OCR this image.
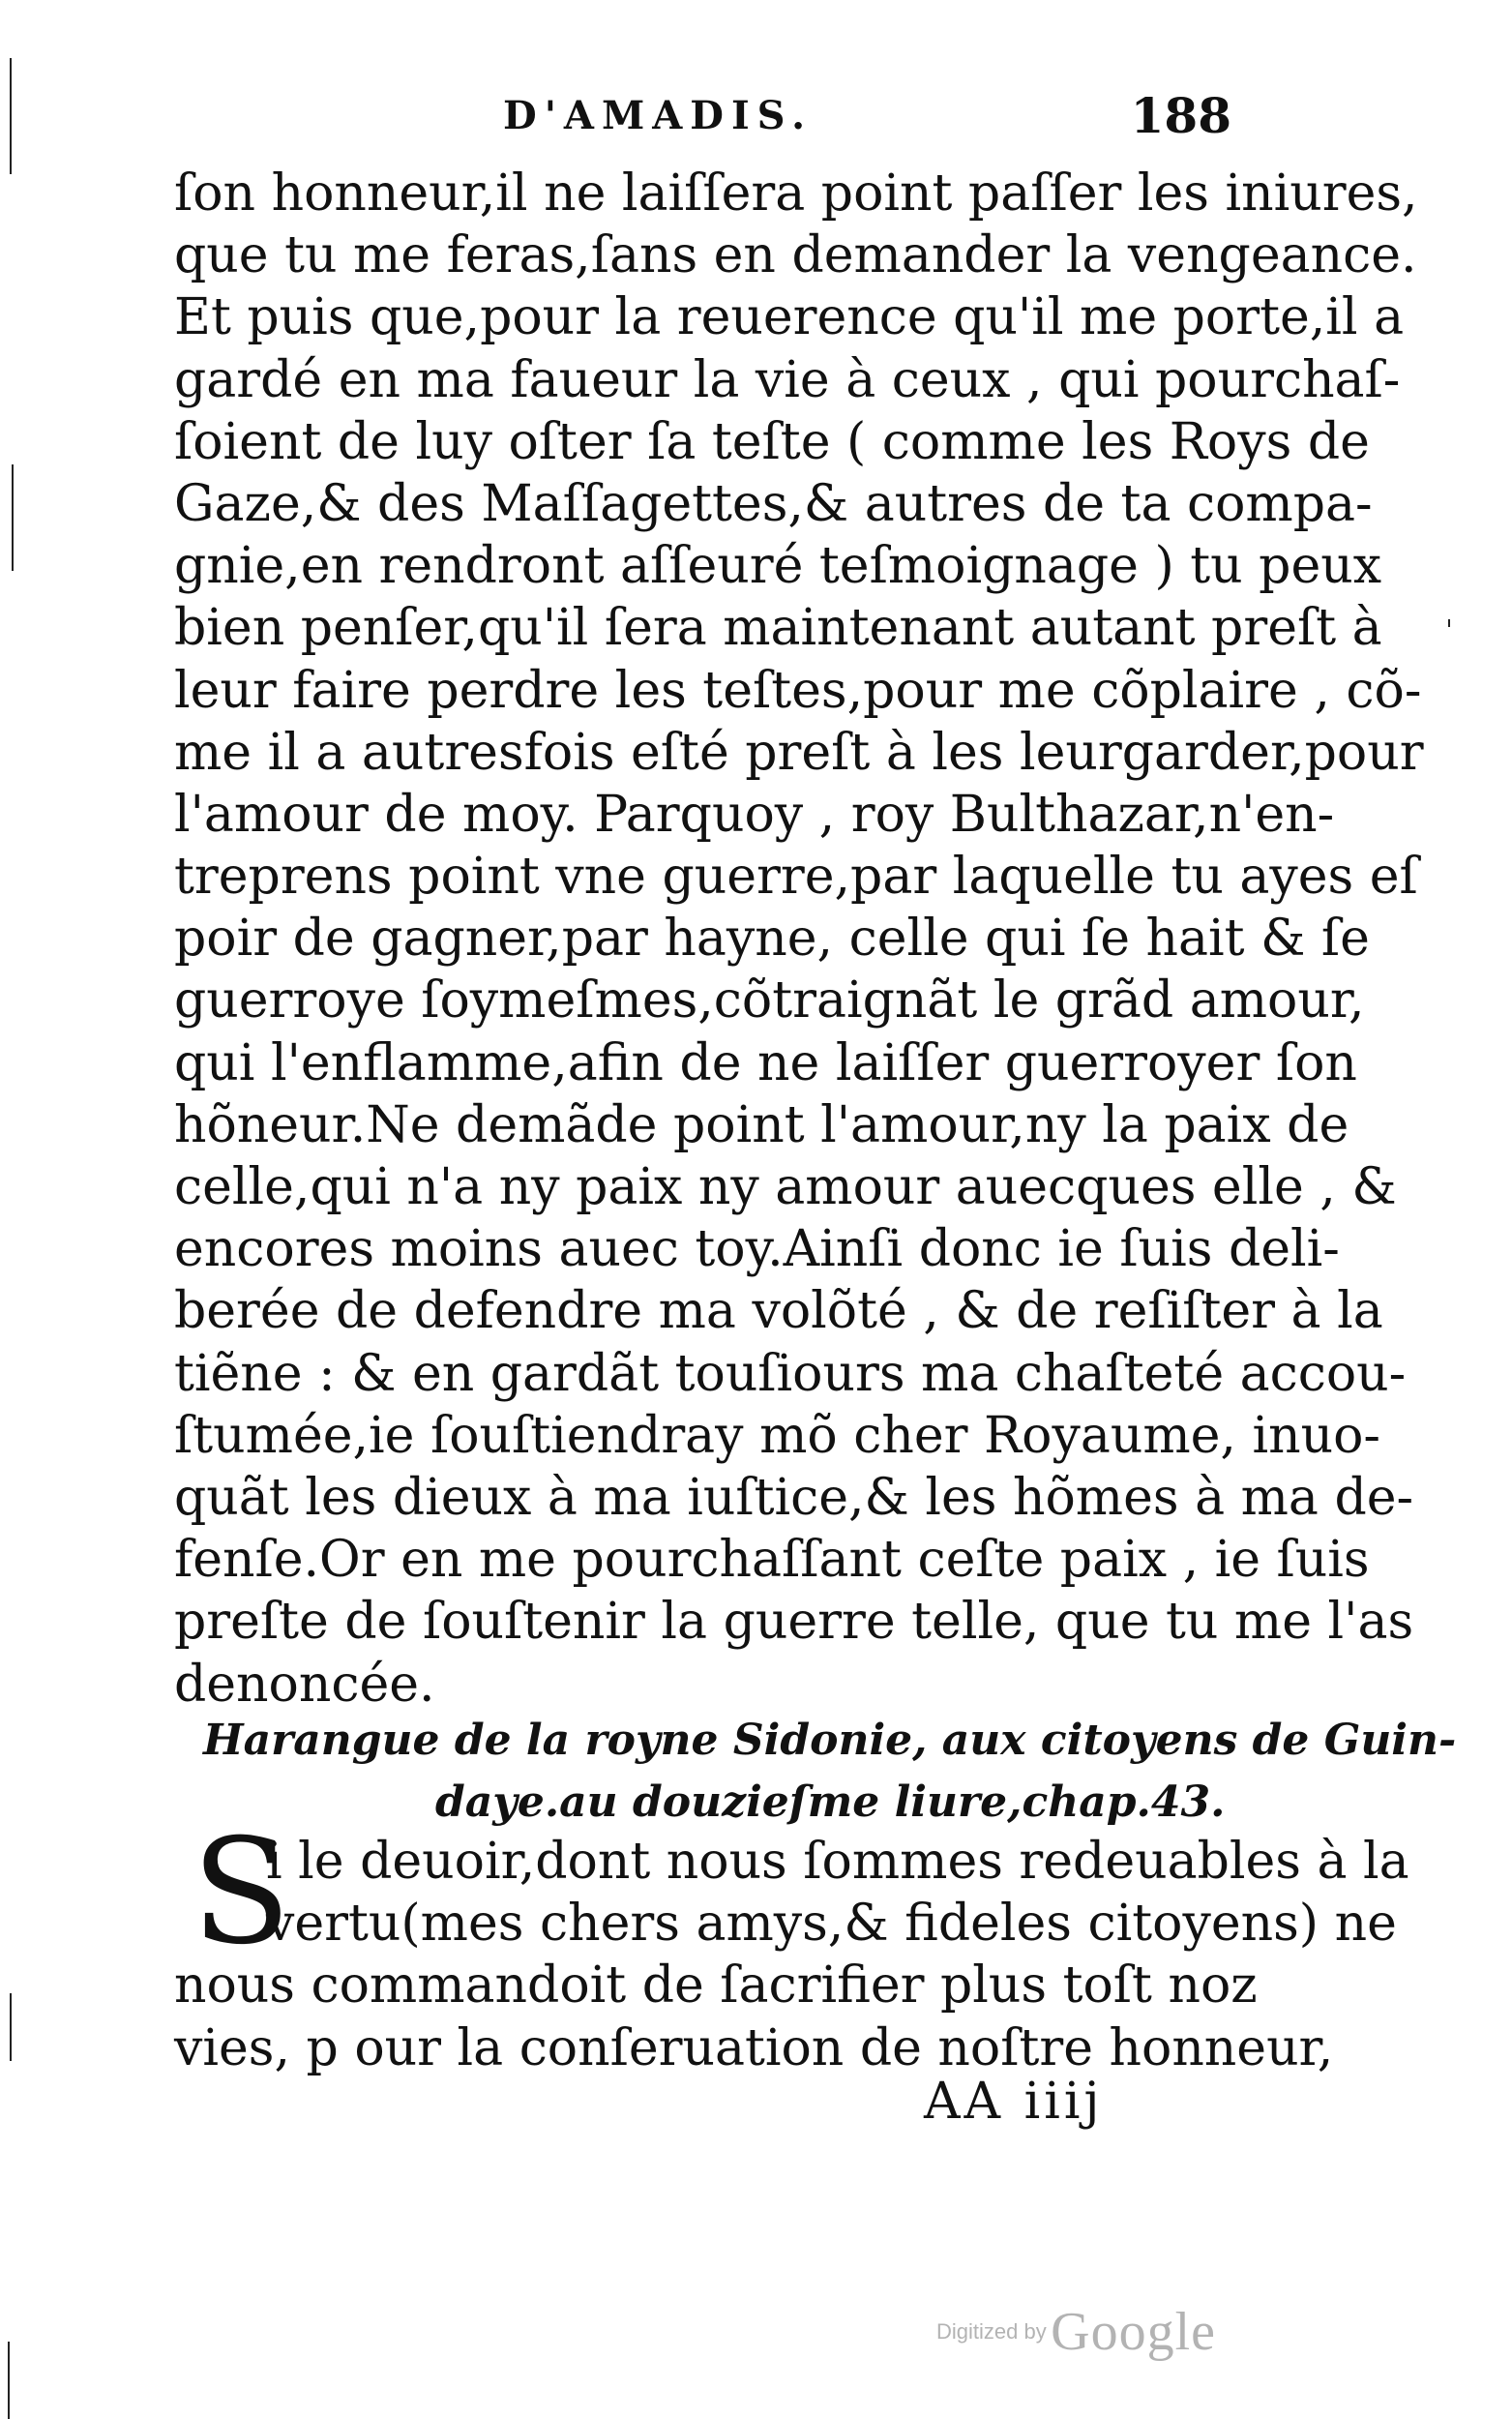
D'AMADIS.	188
ſon honneur,il ne laiſſera point paſſer les iniures,
que tu me feras,ſans en demander la vengeance.
Et puis que,pour la reuerence qu'il me porte,il a
gardé en ma faueur la vie à ceux , qui pourchaſ-
ſoient de luy oſter ſa teſte ( comme les Roys de
Gaze,& des Maſſagettes,& autres de ta compa-
gnie,en rendront aſſeuré teſmoignage ) tu peux
bien penſer,qu'il ſera maintenant autant preſt à
leur faire perdre les teſtes,pour me cõplaire , cõ-
me il a autresfois eſté preſt à les leurgarder,pour
l'amour de moy. Parquoy , roy Bulthazar,n'en-
treprens point vne guerre,par laquelle tu ayes eſ
poir de gagner,par hayne, celle qui ſe hait & ſe
guerroye ſoymeſmes,cõtraignãt le grãd amour,
qui l'enflamme,afin de ne laiſſer guerroyer ſon
hõneur.Ne demãde point l'amour,ny la paix de
celle,qui n'a ny paix ny amour auecques elle , &
encores moins auec toy.Ainſi donc ie ſuis deli-
berée de defendre ma volõté , & de reſiſter à la
tiẽne : & en gardãt touſiours ma chaſteté accou-
ſtumée,ie ſouſtiendray mõ cher Royaume, inuo-
quãt les dieux à ma iuſtice,& les hõmes à ma de-
fenſe.Or en me pourchaſſant ceſte paix , ie ſuis
preſte de ſouſtenir la guerre telle, que tu me l'as
denoncée.
Harangue de la royne Sidonie, aux citoyens de Guin-
daye.au douzieſme liure,chap.43.
S
i le deuoir,dont nous ſommes redeuables à la
vertu(mes chers amys,& fideles citoyens) ne
nous commandoit de ſacrifier plus toſt noz
vies, p our la conſeruation de noſtre honneur,
AA iiij
Digitized by Google
